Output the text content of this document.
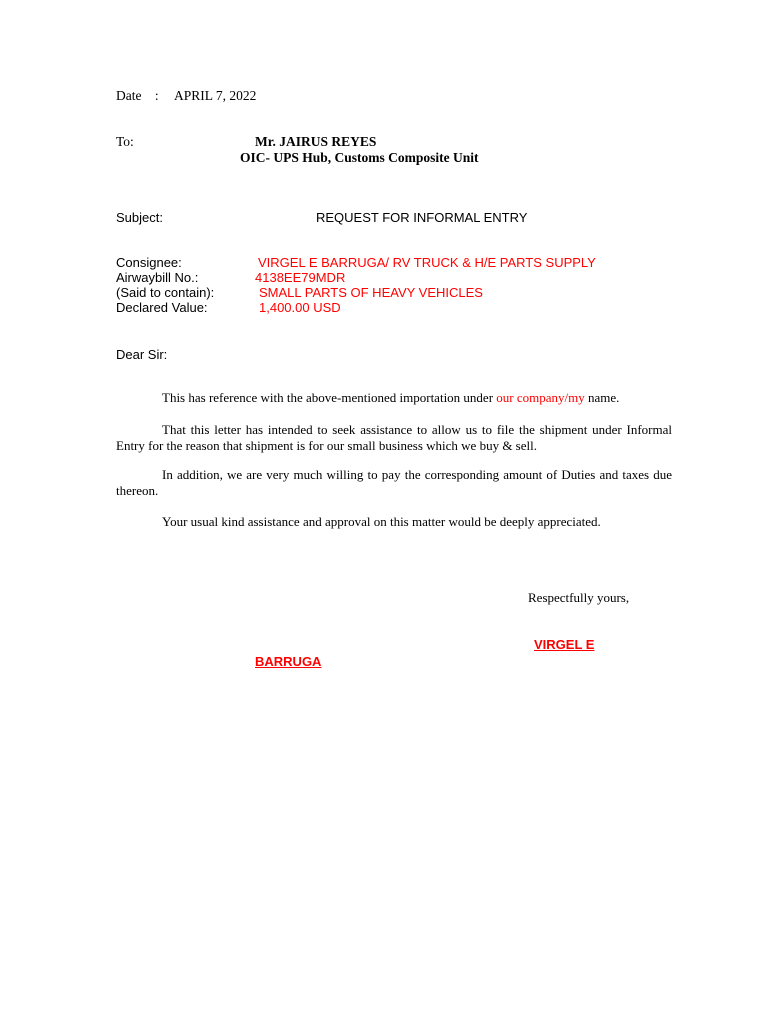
Date : APRIL 7, 2022
To:	Mr. JAIRUS REYES
OIC- UPS Hub, Customs Composite Unit
Subject:	REQUEST FOR INFORMAL ENTRY
Consignee:	VIRGEL E BARRUGA/ RV TRUCK & H/E PARTS SUPPLY
Airwaybill No.:	4138EE79MDR
(Said to contain):	SMALL PARTS OF HEAVY VEHICLES
Declared Value:	1,400.00 USD
Dear Sir:

This has reference with the above-mentioned importation under our company/my name.

That this letter has intended to seek assistance to allow us to file the shipment under Informal Entry for the reason that shipment is for our small business which we buy & sell.

In addition, we are very much willing to pay the corresponding amount of Duties and taxes due thereon.

Your usual kind assistance and approval on this matter would be deeply appreciated.

Respectfully yours,
VIRGEL E
BARRUGA
